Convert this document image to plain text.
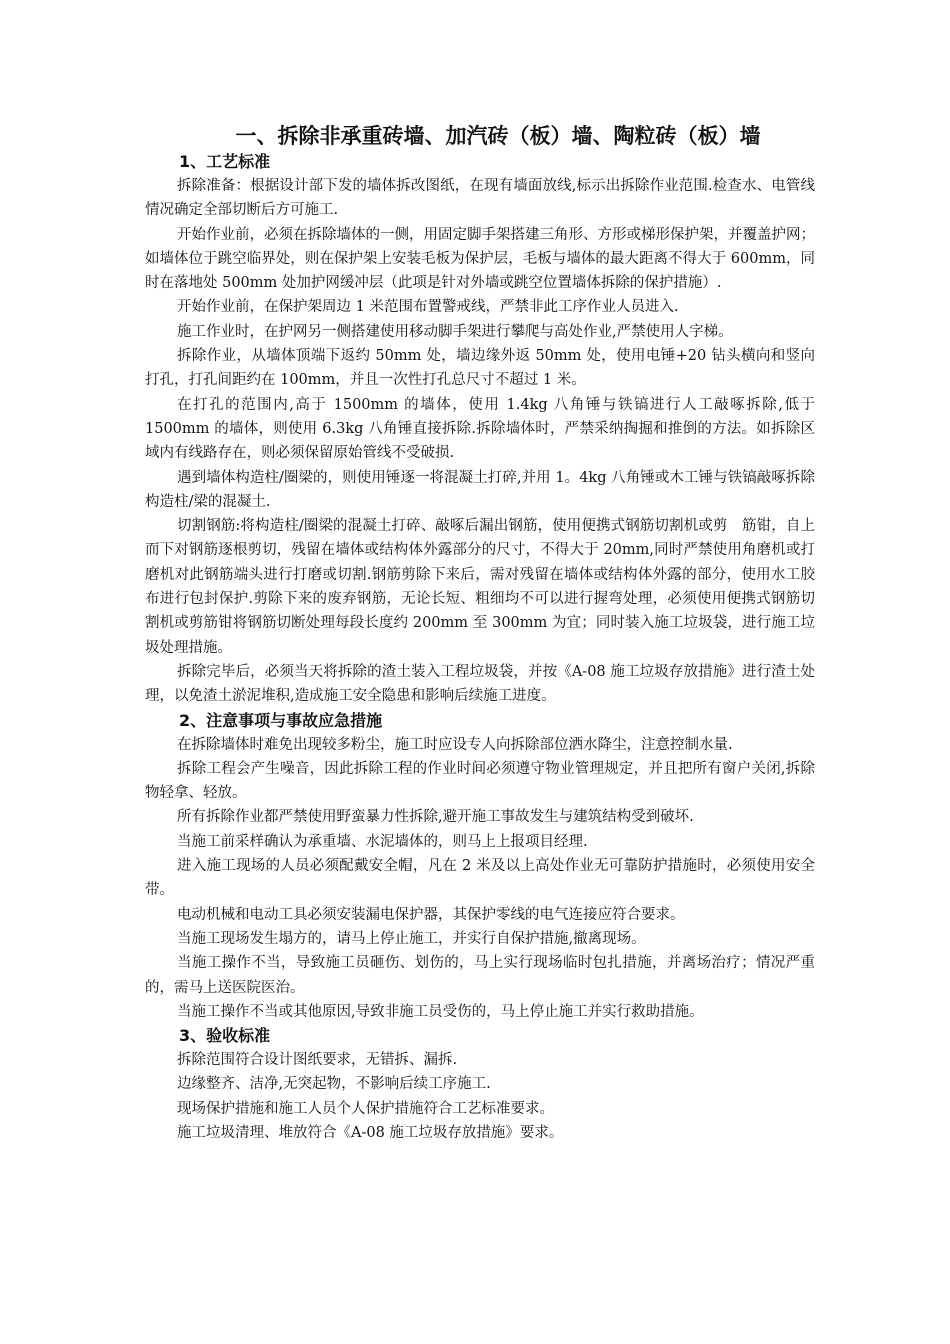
一、拆除非承重砖墙、加汽砖（板）墙、陶粒砖（板）墙
1、工艺标准

拆除准备：根据设计部下发的墙体拆改图纸，在现有墙面放线,标示出拆除作业范围.检查水、电管线情况确定全部切断后方可施工.

开始作业前，必须在拆除墙体的一侧，用固定脚手架搭建三角形、方形或梯形保护架，并覆盖护网；如墙体位于跳空临界处，则在保护架上安装毛板为保护层，毛板与墙体的最大距离不得大于 600mm，同时在落地处 500mm 处加护网缓冲层（此项是针对外墙或跳空位置墙体拆除的保护措施）.

开始作业前，在保护架周边 1 米范围布置警戒线，严禁非此工序作业人员进入.

施工作业时，在护网另一侧搭建使用移动脚手架进行攀爬与高处作业,严禁使用人字梯。

拆除作业，从墙体顶端下返约 50mm 处，墙边缘外返 50mm 处，使用电锤+20 钻头横向和竖向打孔，打孔间距约在 100mm，并且一次性打孔总尺寸不超过 1 米。

在打孔的范围内,高于 1500mm 的墙体，使用 1.4kg 八角锤与铁镐进行人工敲啄拆除,低于 1500mm 的墙体，则使用 6.3kg 八角锤直接拆除.拆除墙体时，严禁采纳掏掘和推倒的方法。如拆除区域内有线路存在，则必须保留原始管线不受破损.

遇到墙体构造柱/圈梁的，则使用锤逐一将混凝土打碎,并用 1。4kg 八角锤或木工锤与铁镐敲啄拆除构造柱/梁的混凝土.

切割钢筋:将构造柱/圈梁的混凝土打碎、敲啄后漏出钢筋，使用便携式钢筋切割机或剪　筋钳，自上而下对钢筋逐根剪切，残留在墙体或结构体外露部分的尺寸，不得大于 20mm,同时严禁使用角磨机或打磨机对此钢筋端头进行打磨或切割.钢筋剪除下来后，需对残留在墙体或结构体外露的部分，使用水工胶布进行包封保护.剪除下来的废弃钢筋，无论长短、粗细均不可以进行握弯处理，必须使用便携式钢筋切割机或剪筋钳将钢筋切断处理每段长度约 200mm 至 300mm 为宜；同时装入施工垃圾袋，进行施工垃圾处理措施。

拆除完毕后，必须当天将拆除的渣土装入工程垃圾袋，并按《A-08 施工垃圾存放措施》进行渣土处理，以免渣土淤泥堆积,造成施工安全隐患和影响后续施工进度。

2、注意事项与事故应急措施

在拆除墙体时难免出现较多粉尘，施工时应设专人向拆除部位洒水降尘，注意控制水量.

拆除工程会产生噪音，因此拆除工程的作业时间必须遵守物业管理规定，并且把所有窗户关闭,拆除物轻拿、轻放。

所有拆除作业都严禁使用野蛮暴力性拆除,避开施工事故发生与建筑结构受到破坏.

当施工前采样确认为承重墙、水泥墙体的，则马上上报项目经理.

进入施工现场的人员必须配戴安全帽，凡在 2 米及以上高处作业无可靠防护措施时，必须使用安全带。

电动机械和电动工具必须安装漏电保护器，其保护零线的电气连接应符合要求。

当施工现场发生塌方的，请马上停止施工，并实行自保护措施,撤离现场。

当施工操作不当，导致施工员砸伤、划伤的，马上实行现场临时包扎措施，并离场治疗；情况严重的，需马上送医院医治。

当施工操作不当或其他原因,导致非施工员受伤的，马上停止施工并实行救助措施。

3、验收标准

拆除范围符合设计图纸要求，无错拆、漏拆.

边缘整齐、洁净,无突起物，不影响后续工序施工.

现场保护措施和施工人员个人保护措施符合工艺标准要求。

施工垃圾清理、堆放符合《A-08 施工垃圾存放措施》要求。
